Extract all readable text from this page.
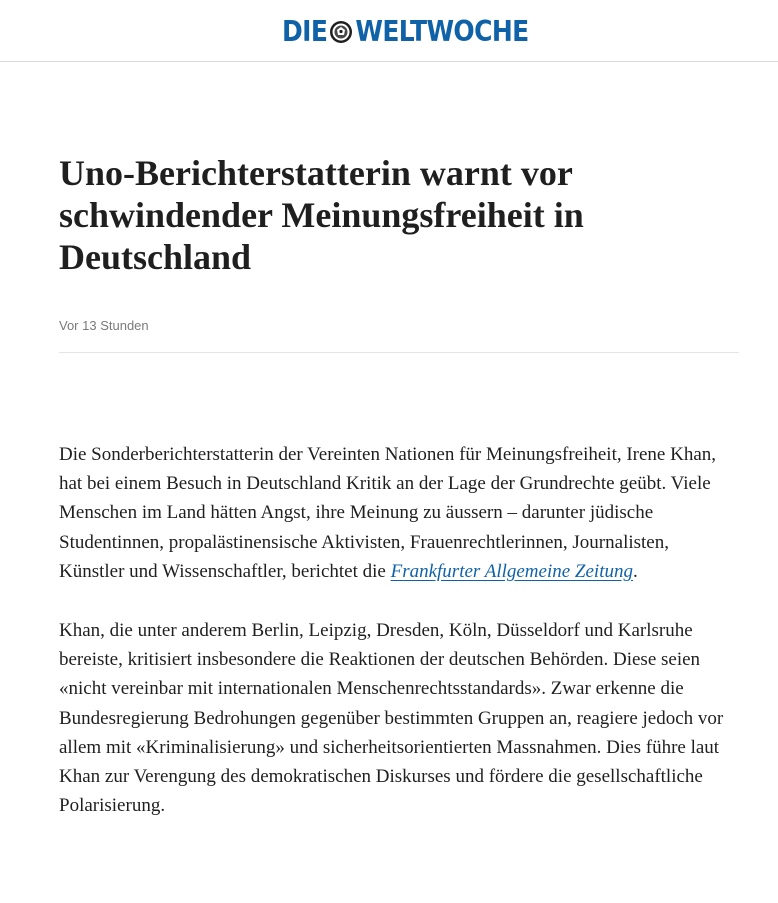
DIE WELTWOCHE
Uno-Berichterstatterin warnt vor schwindender Meinungsfreiheit in Deutschland
Vor 13 Stunden

Die Sonderberichterstatterin der Vereinten Nationen für Meinungsfreiheit, Irene Khan, hat bei einem Besuch in Deutschland Kritik an der Lage der Grundrechte geübt. Viele Menschen im Land hätten Angst, ihre Meinung zu äussern – darunter jüdische Studentinnen, propalästinensische Aktivisten, Frauenrechtlerinnen, Journalisten, Künstler und Wissenschaftler, berichtet die Frankfurter Allgemeine Zeitung.

Khan, die unter anderem Berlin, Leipzig, Dresden, Köln, Düsseldorf und Karlsruhe bereiste, kritisiert insbesondere die Reaktionen der deutschen Behörden. Diese seien «nicht vereinbar mit internationalen Menschenrechtsstandards». Zwar erkenne die Bundesregierung Bedrohungen gegenüber bestimmten Gruppen an, reagiere jedoch vor allem mit «Kriminalisierung» und sicherheitsorientierten Massnahmen. Dies führe laut Khan zur Verengung des demokratischen Diskurses und fördere die gesellschaftliche Polarisierung.
